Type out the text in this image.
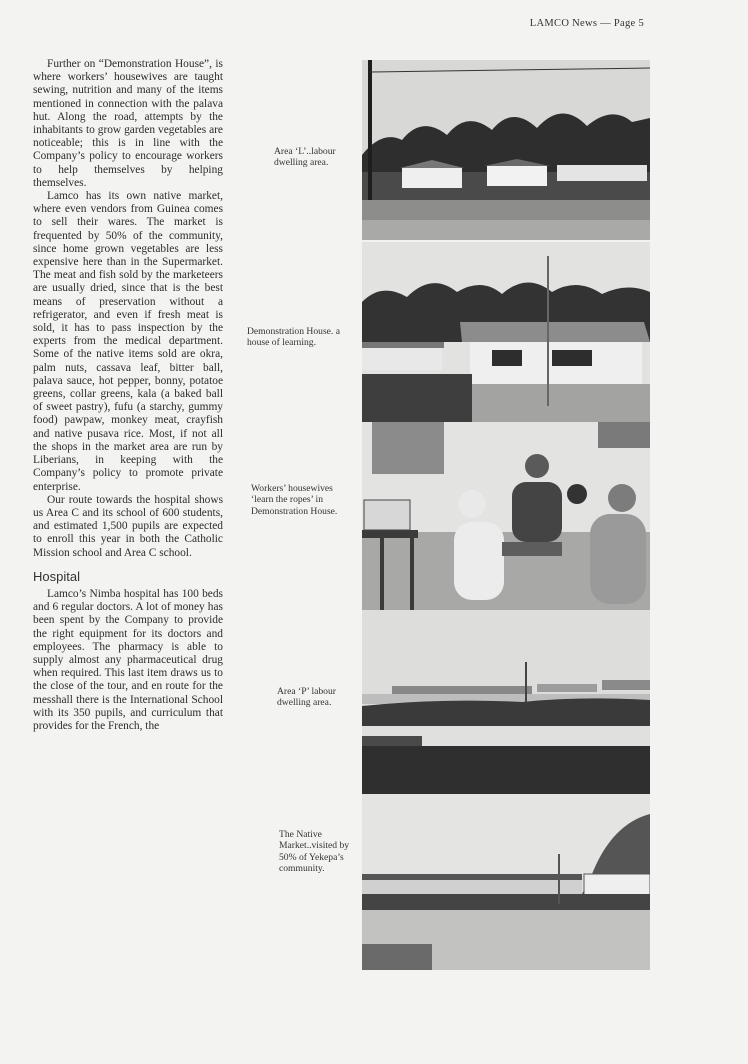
LAMCO News — Page 5

Further on “Demonstration House”, is where workers’ housewives are taught sewing, nutrition and many of the items mentioned in connection with the palava hut. Along the road, attempts by the inhabitants to grow garden vegetables are noticeable; this is in line with the Company’s policy to encourage workers to help themselves by helping themselves.

Lamco has its own native market, where even vendors from Guinea comes to sell their wares. The market is frequented by 50% of the community, since home grown vegetables are less expensive here than in the Supermarket. The meat and fish sold by the marketeers are usually dried, since that is the best means of preservation without a refrigerator, and even if fresh meat is sold, it has to pass inspection by the experts from the medical department. Some of the native items sold are okra, palm nuts, cassava leaf, bitter ball, palava sauce, hot pepper, bonny, potatoe greens, collar greens, kala (a baked ball of sweet pastry), fufu (a starchy, gummy food) pawpaw, monkey meat, crayfish and native pusava rice. Most, if not all the shops in the market area are run by Liberians, in keeping with the Company’s policy to promote private enterprise.

Our route towards the hospital shows us Area C and its school of 600 students, and estimated 1,500 pupils are expected to enroll this year in both the Catholic Mission school and Area C school.

Hospital

Lamco’s Nimba hospital has 100 beds and 6 regular doctors. A lot of money has been spent by the Company to provide the right equipment for its doctors and employees. The pharmacy is able to supply almost any pharmaceutical drug when required. This last item draws us to the close of the tour, and en route for the messhall there is the International School with its 350 pupils, and curriculum that provides for the French, the

Area ‘L’..labour dwelling area.
Demonstration House. a house of learning.
Workers’ housewives ‘learn the ropes’ in Demonstration House.
Area ‘P’ labour dwelling area.
The Native Market..visited by 50% of Yekepa’s community.
